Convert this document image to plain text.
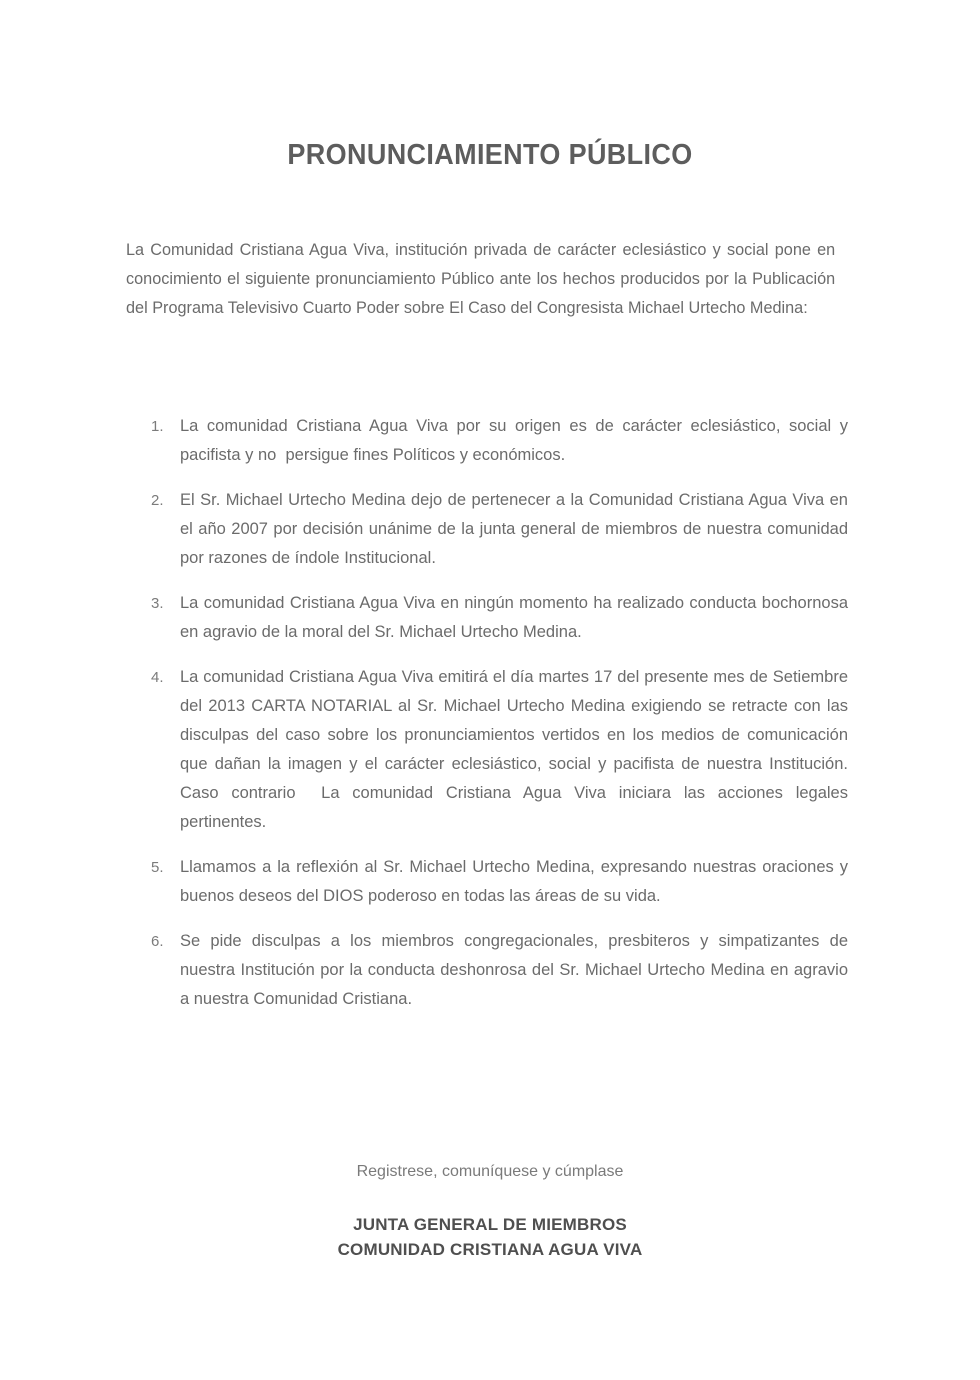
PRONUNCIAMIENTO PÚBLICO

La Comunidad Cristiana Agua Viva, institución privada de carácter eclesiástico y social pone en conocimiento el siguiente pronunciamiento Público ante los hechos producidos por la Publicación del Programa Televisivo Cuarto Poder sobre El Caso del Congresista Michael Urtecho Medina:

1. La comunidad Cristiana Agua Viva por su origen es de carácter eclesiástico, social y pacifista y no  persigue fines Políticos y económicos.
2. El Sr. Michael Urtecho Medina dejo de pertenecer a la Comunidad Cristiana Agua Viva en el año 2007 por decisión unánime de la junta general de miembros de nuestra comunidad por razones de índole Institucional.
3. La comunidad Cristiana Agua Viva en ningún momento ha realizado conducta bochornosa en agravio de la moral del Sr. Michael Urtecho Medina.
4. La comunidad Cristiana Agua Viva emitirá el día martes 17 del presente mes de Setiembre del 2013 CARTA NOTARIAL al Sr. Michael Urtecho Medina exigiendo se retracte con las disculpas del caso sobre los pronunciamientos vertidos en los medios de comunicación que dañan la imagen y el carácter eclesiástico, social y pacifista de nuestra Institución. Caso contrario  La comunidad Cristiana Agua Viva iniciara las acciones legales pertinentes.
5. Llamamos a la reflexión al Sr. Michael Urtecho Medina, expresando nuestras oraciones y buenos deseos del DIOS poderoso en todas las áreas de su vida.
6. Se pide disculpas a los miembros congregacionales, presbiteros y simpatizantes de nuestra Institución por la conducta deshonrosa del Sr. Michael Urtecho Medina en agravio a nuestra Comunidad Cristiana.

Registrese, comuníquese y cúmplase

JUNTA GENERAL DE MIEMBROS

COMUNIDAD CRISTIANA AGUA VIVA
